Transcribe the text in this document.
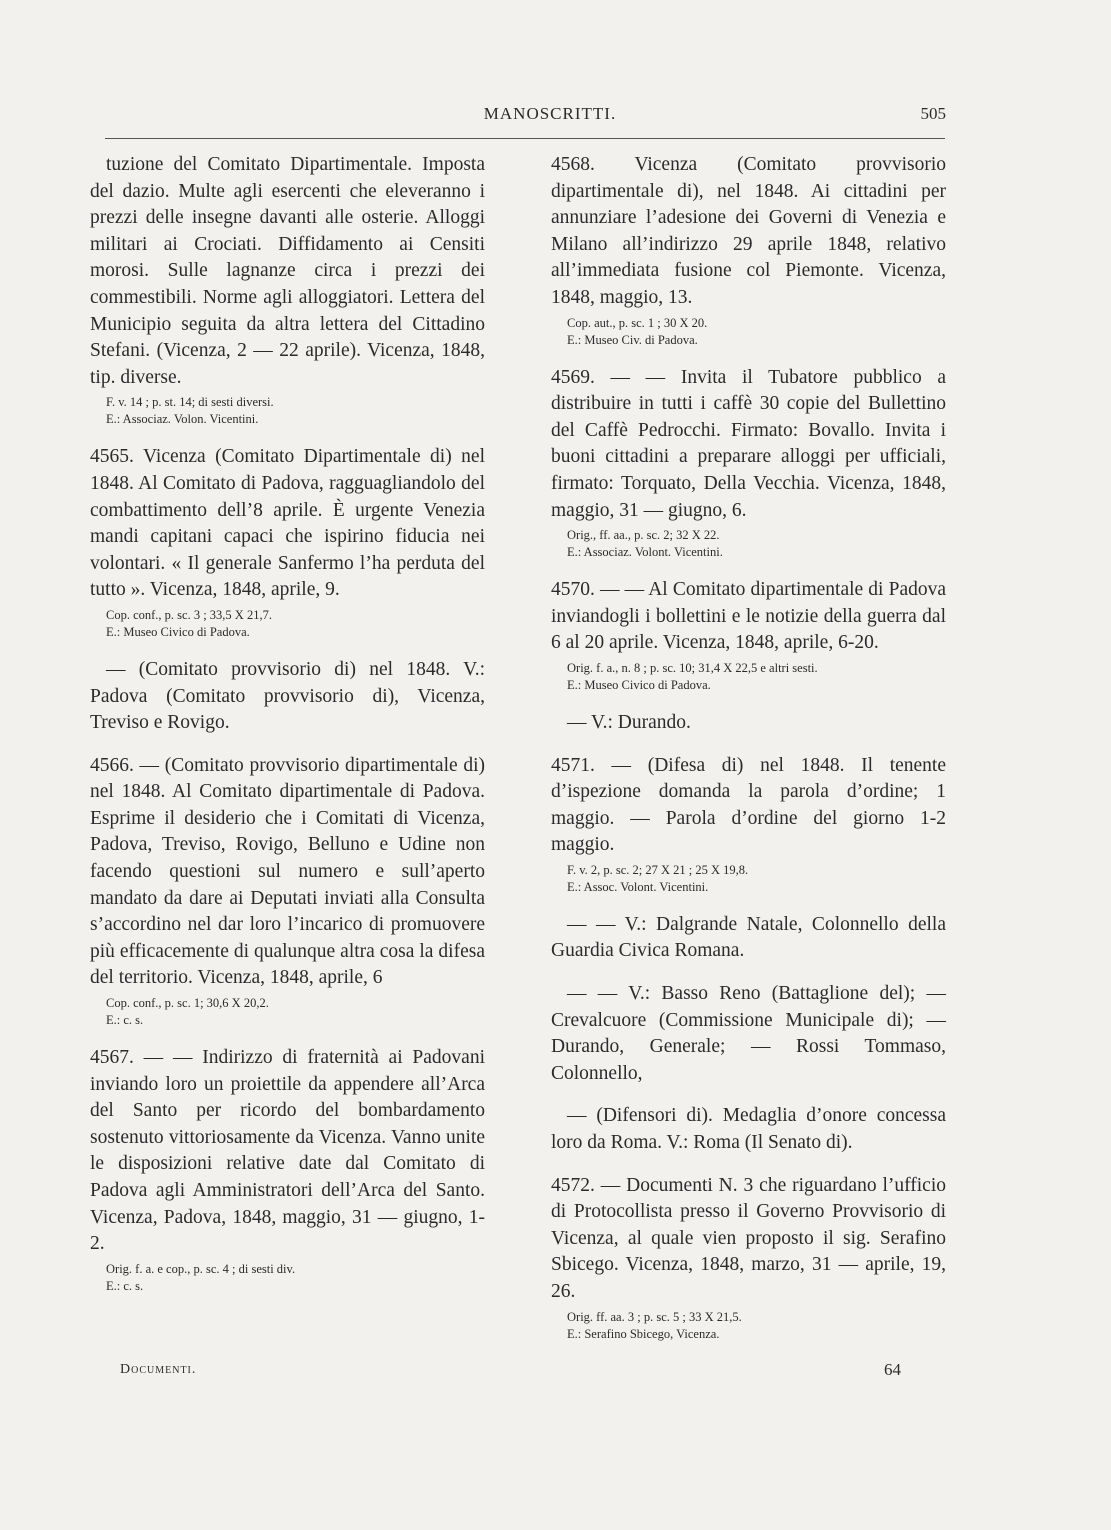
MANOSCRITTI.	505
tuzione del Comitato Dipartimentale. Imposta del dazio. Multe agli esercenti che eleveranno i prezzi delle insegne davanti alle osterie. Alloggi militari ai Crociati. Diffidamento ai Censiti morosi. Sulle lagnanze circa i prezzi dei commestibili. Norme agli alloggiatori. Lettera del Municipio seguita da altra lettera del Cittadino Stefani. (Vicenza, 2 — 22 aprile). Vicenza, 1848, tip. diverse.
F. v. 14 ; p. st. 14; di sesti diversi.
E.: Associaz. Volon. Vicentini.
4565. Vicenza (Comitato Dipartimentale di) nel 1848. Al Comitato di Padova, ragguagliandolo del combattimento dell’8 aprile. È urgente Venezia mandi capitani capaci che ispirino fiducia nei volontari. « Il generale Sanfermo l’ha perduta del tutto ». Vicenza, 1848, aprile, 9.
Cop. conf., p. sc. 3 ; 33,5 X 21,7.
E.: Museo Civico di Padova.
— (Comitato provvisorio di) nel 1848. V.: Padova (Comitato provvisorio di), Vicenza, Treviso e Rovigo.
4566. — (Comitato provvisorio dipartimentale di) nel 1848. Al Comitato dipartimentale di Padova. Esprime il desiderio che i Comitati di Vicenza, Padova, Treviso, Rovigo, Belluno e Udine non facendo questioni sul numero e sull’aperto mandato da dare ai Deputati inviati alla Consulta s’accordino nel dar loro l’incarico di promuovere più efficacemente di qualunque altra cosa la difesa del territorio. Vicenza, 1848, aprile, 6
Cop. conf., p. sc. 1; 30,6 X 20,2.
E.: c. s.
4567. — — Indirizzo di fraternità ai Padovani inviando loro un proiettile da appendere all’Arca del Santo per ricordo del bombardamento sostenuto vittoriosamente da Vicenza. Vanno unite le disposizioni relative date dal Comitato di Padova agli Amministratori dell’Arca del Santo. Vicenza, Padova, 1848, maggio, 31 — giugno, 1-2.
Orig. f. a. e cop., p. sc. 4 ; di sesti div.
E.: c. s.
4568. Vicenza (Comitato provvisorio dipartimentale di), nel 1848. Ai cittadini per annunziare l’adesione dei Governi di Venezia e Milano all’indirizzo 29 aprile 1848, relativo all’immediata fusione col Piemonte. Vicenza, 1848, maggio, 13.
Cop. aut., p. sc. 1 ; 30 X 20.
E.: Museo Civ. di Padova.
4569. — — Invita il Tubatore pubblico a distribuire in tutti i caffè 30 copie del Bullettino del Caffè Pedrocchi. Firmato: Bovallo. Invita i buoni cittadini a preparare alloggi per ufficiali, firmato: Torquato, Della Vecchia. Vicenza, 1848, maggio, 31 — giugno, 6.
Orig., ff. aa., p. sc. 2; 32 X 22.
E.: Associaz. Volont. Vicentini.
4570. — — Al Comitato dipartimentale di Padova inviandogli i bollettini e le notizie della guerra dal 6 al 20 aprile. Vicenza, 1848, aprile, 6-20.
Orig. f. a., n. 8 ; p. sc. 10; 31,4 X 22,5 e altri sesti.
E.: Museo Civico di Padova.
— V.: Durando.
4571. — (Difesa di) nel 1848. Il tenente d’ispezione domanda la parola d’ordine; 1 maggio. — Parola d’ordine del giorno 1-2 maggio.
F. v. 2, p. sc. 2; 27 X 21 ; 25 X 19,8.
E.: Assoc. Volont. Vicentini.
— — V.: Dalgrande Natale, Colonnello della Guardia Civica Romana.
— — V.: Basso Reno (Battaglione del); — Crevalcuore (Commissione Municipale di); — Durando, Generale; — Rossi Tommaso, Colonnello,
— (Difensori di). Medaglia d’onore concessa loro da Roma. V.: Roma (Il Senato di).
4572. — Documenti N. 3 che riguardano l’ufficio di Protocollista presso il Governo Provvisorio di Vicenza, al quale vien proposto il sig. Serafino Sbicego. Vicenza, 1848, marzo, 31 — aprile, 19, 26.
Orig. ff. aa. 3 ; p. sc. 5 ; 33 X 21,5.
E.: Serafino Sbicego, Vicenza.
Documenti.	64
